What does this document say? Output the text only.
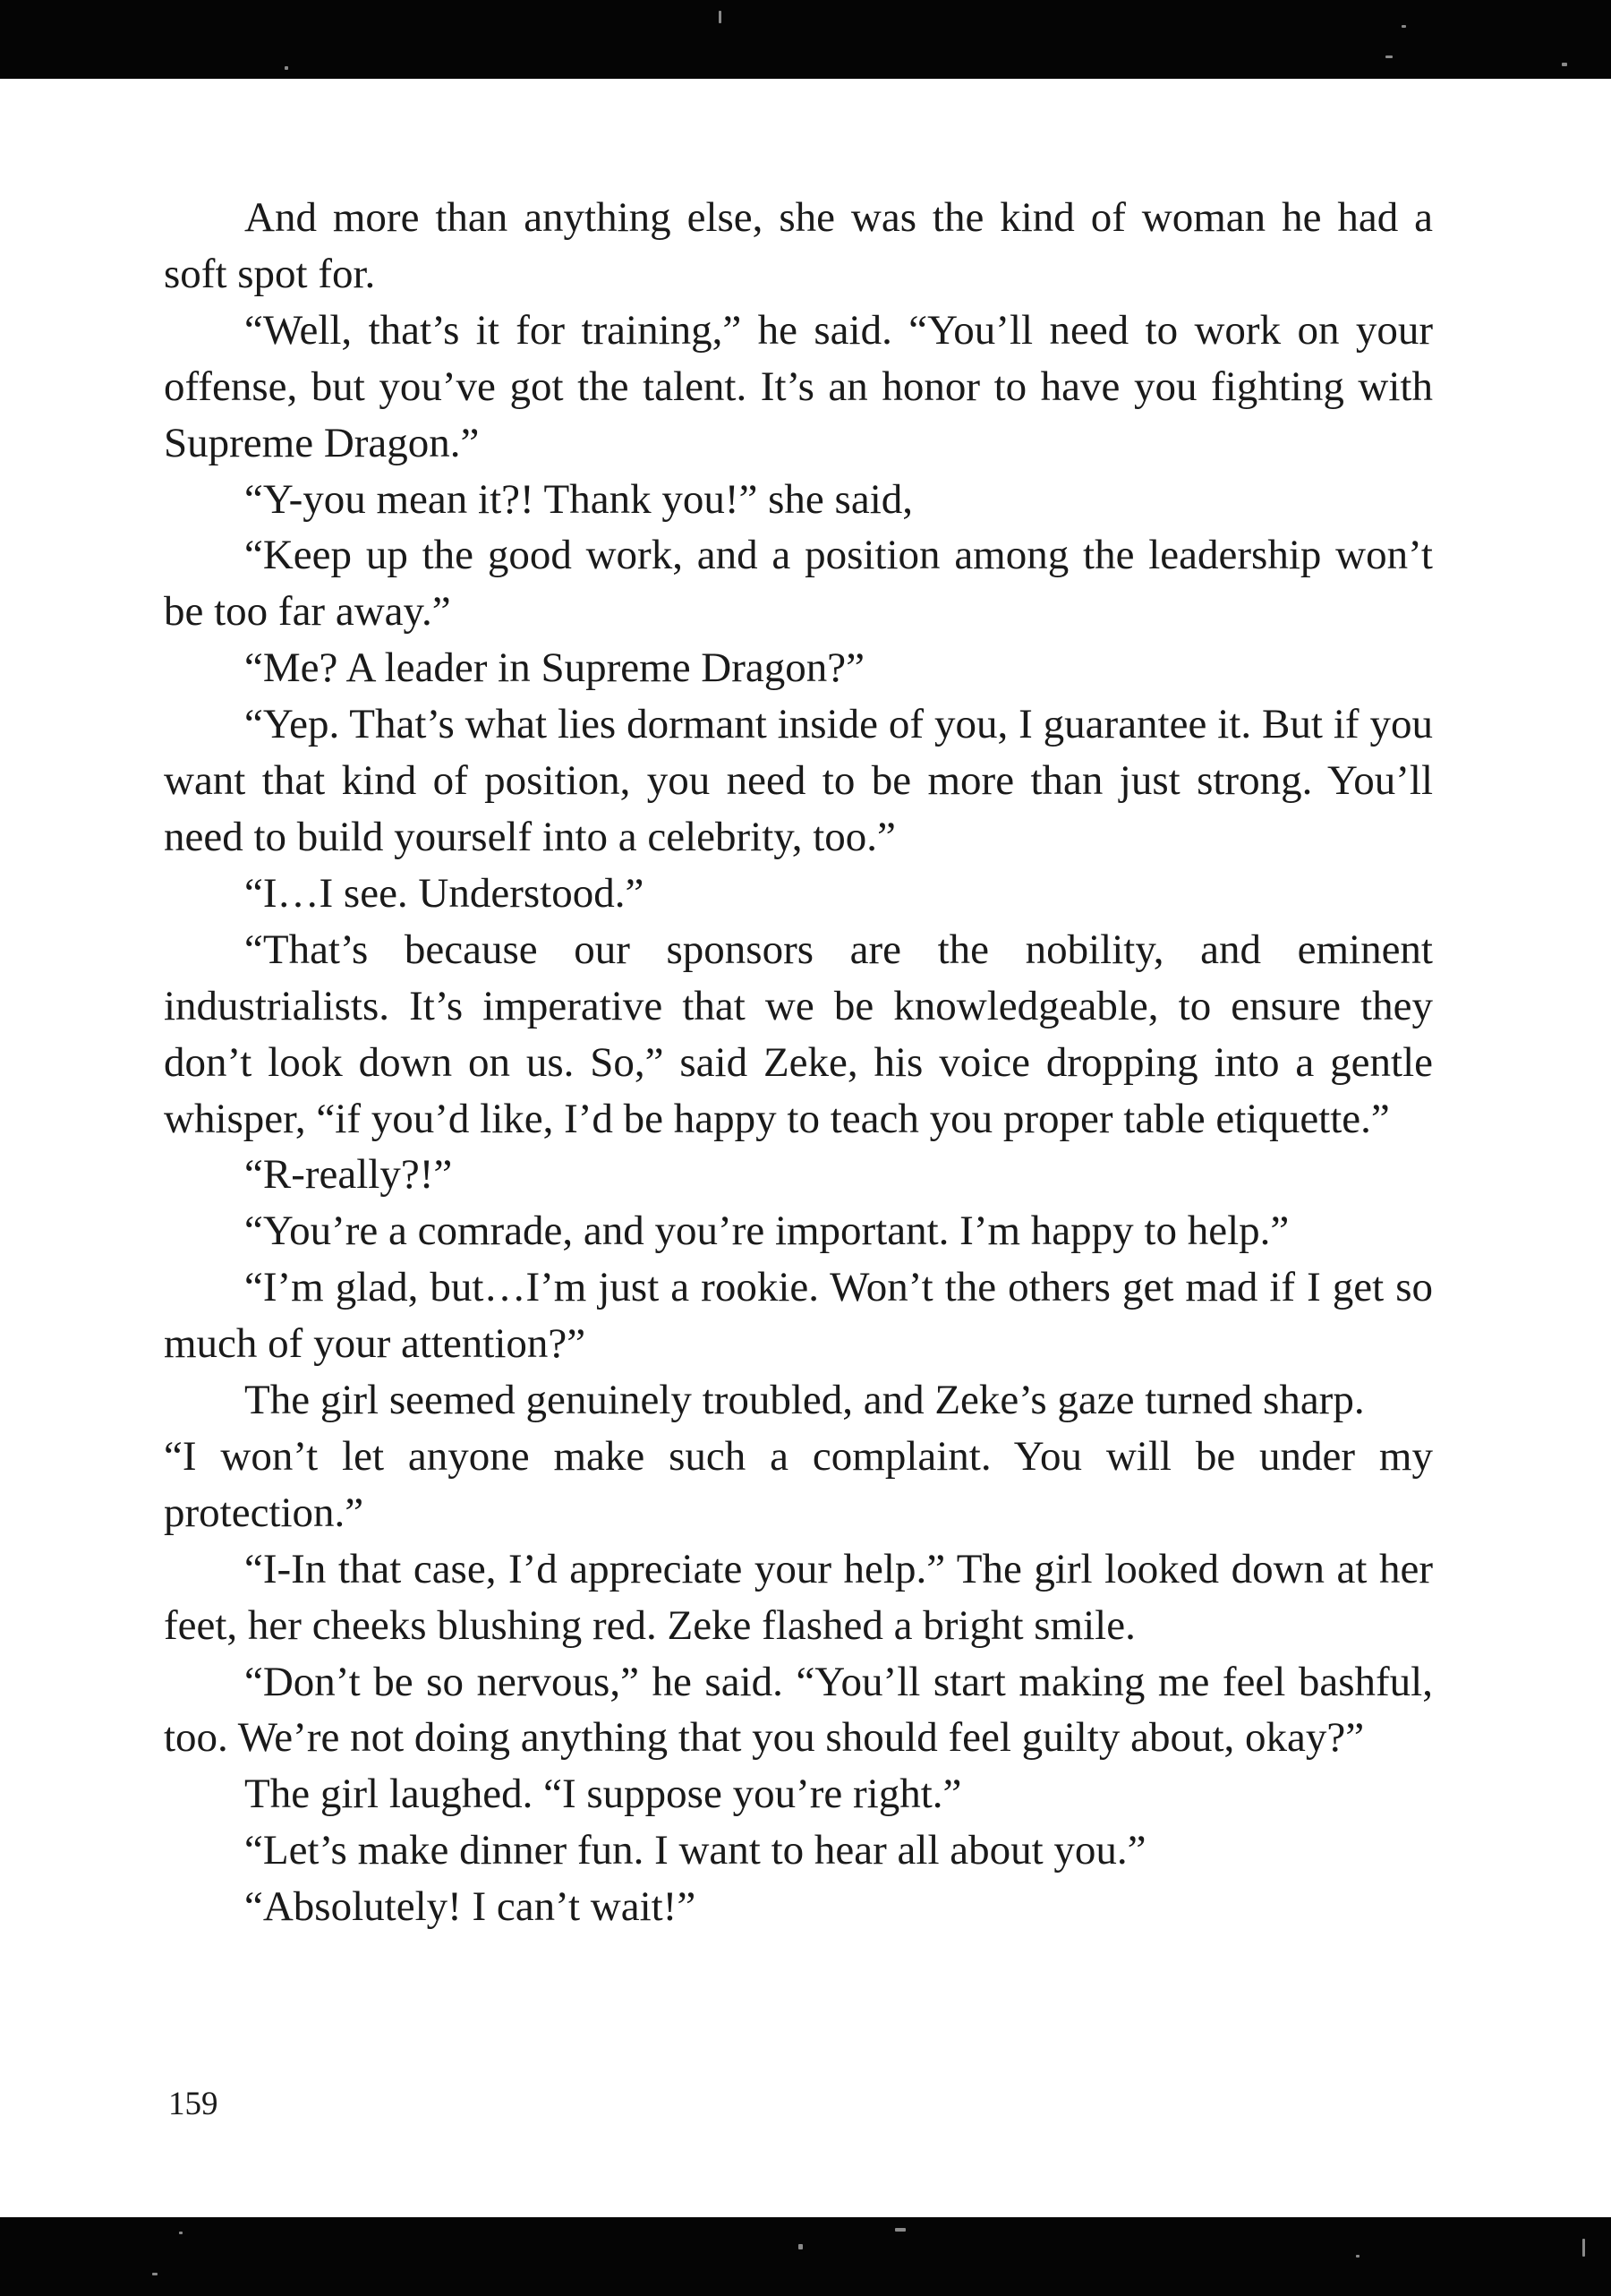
And more than anything else, she was the kind of woman he had a soft spot for.

“Well, that’s it for training,” he said. “You’ll need to work on your offense, but you’ve got the talent. It’s an honor to have you fighting with Supreme Dragon.”

“Y-you mean it?! Thank you!” she said,

“Keep up the good work, and a position among the leadership won’t be too far away.”

“Me? A leader in Supreme Dragon?”

“Yep. That’s what lies dormant inside of you, I guarantee it. But if you want that kind of position, you need to be more than just strong. You’ll need to build yourself into a celebrity, too.”

“I…I see. Understood.”

“That’s because our sponsors are the nobility, and eminent industrialists. It’s imperative that we be knowledgeable, to ensure they don’t look down on us. So,” said Zeke, his voice dropping into a gentle whisper, “if you’d like, I’d be happy to teach you proper table etiquette.”

“R-really?!”

“You’re a comrade, and you’re important. I’m happy to help.”

“I’m glad, but…I’m just a rookie. Won’t the others get mad if I get so much of your attention?”

The girl seemed genuinely troubled, and Zeke’s gaze turned sharp.

“I won’t let anyone make such a complaint. You will be under my protection.”

“I-In that case, I’d appreciate your help.” The girl looked down at her feet, her cheeks blushing red. Zeke flashed a bright smile.

“Don’t be so nervous,” he said. “You’ll start making me feel bashful, too. We’re not doing anything that you should feel guilty about, okay?”

The girl laughed. “I suppose you’re right.”

“Let’s make dinner fun. I want to hear all about you.”

“Absolutely! I can’t wait!”

159
